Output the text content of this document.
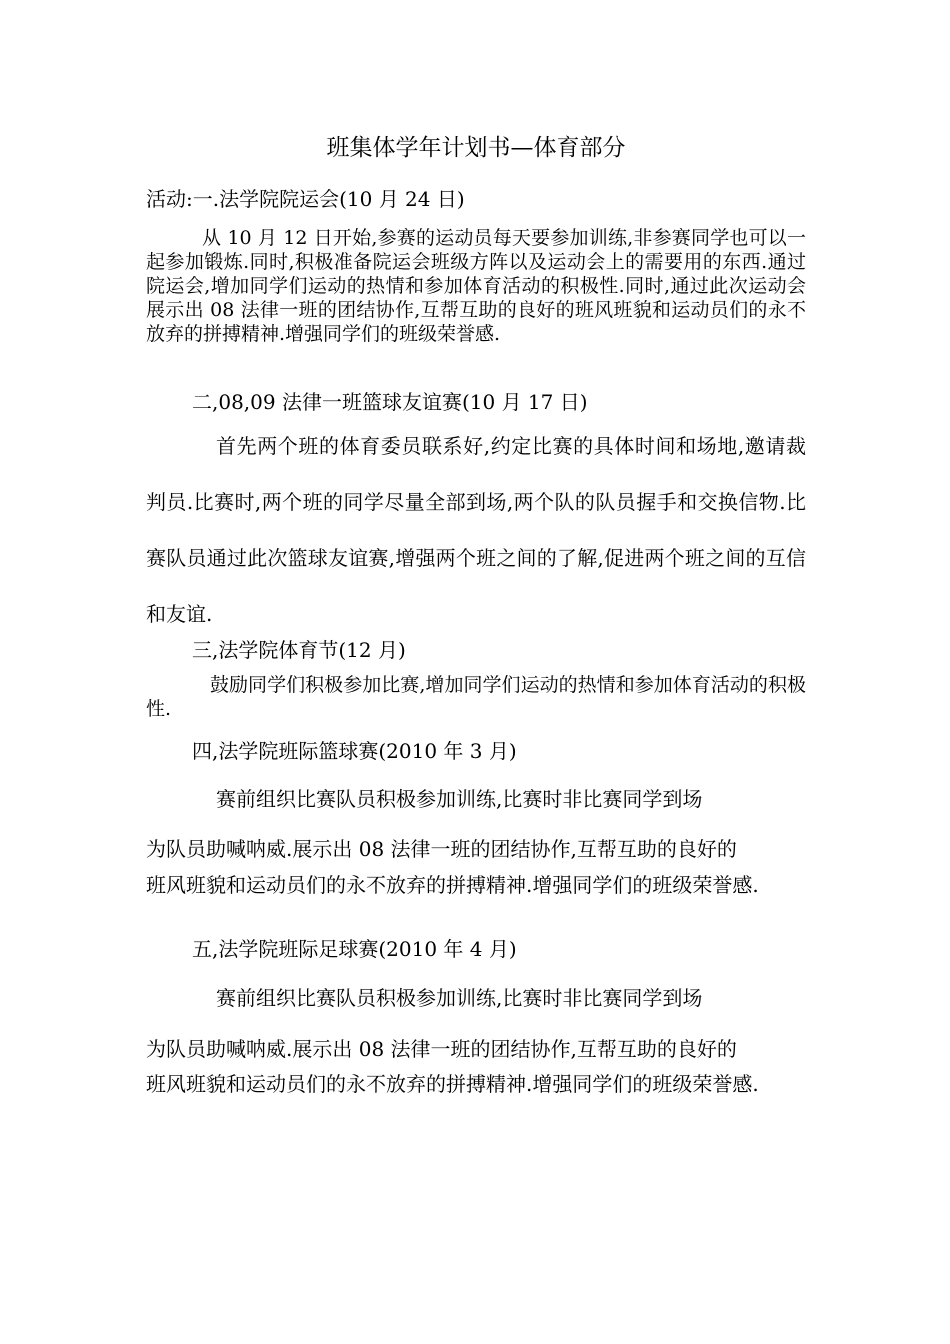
班集体学年计划书—体育部分
活动:一.法学院院运会(10 月 24 日)
从 10 月 12 日开始,参赛的运动员每天要参加训练,非参赛同学也可以一起参加锻炼.同时,积极准备院运会班级方阵以及运动会上的需要用的东西.通过院运会,增加同学们运动的热情和参加体育活动的积极性.同时,通过此次运动会展示出 08 法律一班的团结协作,互帮互助的良好的班风班貌和运动员们的永不放弃的拼搏精神.增强同学们的班级荣誉感.
二,08,09 法律一班篮球友谊赛(10 月 17 日)
首先两个班的体育委员联系好,约定比赛的具体时间和场地,邀请裁判员.比赛时,两个班的同学尽量全部到场,两个队的队员握手和交换信物.比赛队员通过此次篮球友谊赛,增强两个班之间的了解,促进两个班之间的互信和友谊.
三,法学院体育节(12 月)
鼓励同学们积极参加比赛,增加同学们运动的热情和参加体育活动的积极性.
四,法学院班际篮球赛(2010 年 3 月)
赛前组织比赛队员积极参加训练,比赛时非比赛同学到场
为队员助喊呐威.展示出 08 法律一班的团结协作,互帮互助的良好的
班风班貌和运动员们的永不放弃的拼搏精神.增强同学们的班级荣誉感.
五,法学院班际足球赛(2010 年 4 月)
赛前组织比赛队员积极参加训练,比赛时非比赛同学到场
为队员助喊呐威.展示出 08 法律一班的团结协作,互帮互助的良好的
班风班貌和运动员们的永不放弃的拼搏精神.增强同学们的班级荣誉感.
